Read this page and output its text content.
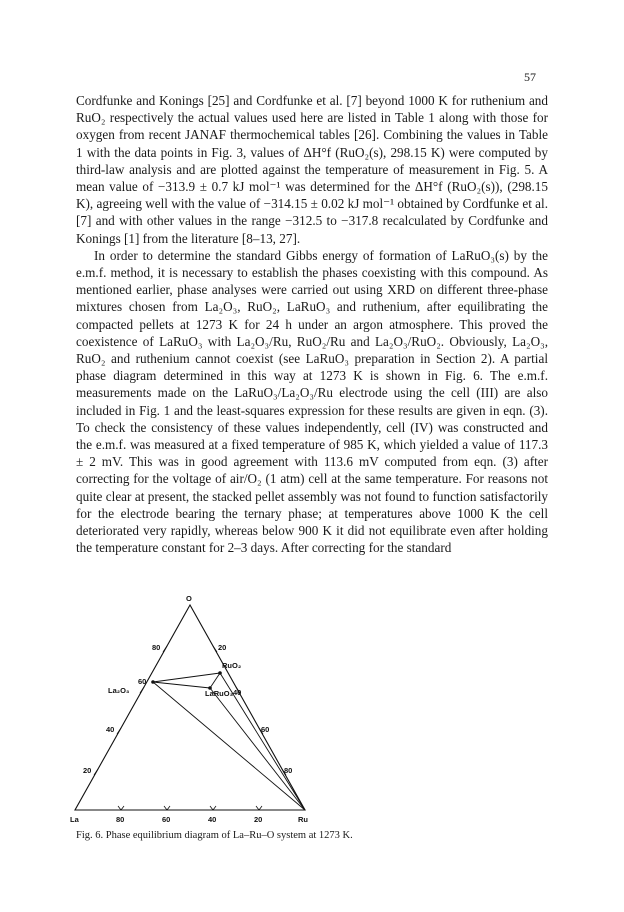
57

Cordfunke and Konings [25] and Cordfunke et al. [7] beyond 1000 K for ruthenium and RuO₂ respectively the actual values used here are listed in Table 1 along with those for oxygen from recent JANAF thermochemical tables [26]. Combining the values in Table 1 with the data points in Fig. 3, values of ΔH°f (RuO₂(s), 298.15 K) were computed by third-law analysis and are plotted against the temperature of measurement in Fig. 5. A mean value of −313.9 ± 0.7 kJ mol⁻¹ was determined for the ΔH°f (RuO₂(s)), (298.15 K), agreeing well with the value of −314.15 ± 0.02 kJ mol⁻¹ obtained by Cordfunke et al. [7] and with other values in the range −312.5 to −317.8 recalculated by Cordfunke and Konings [1] from the literature [8–13, 27].

In order to determine the standard Gibbs energy of formation of LaRuO₃(s) by the e.m.f. method, it is necessary to establish the phases coexisting with this compound. As mentioned earlier, phase analyses were carried out using XRD on different three-phase mixtures chosen from La₂O₃, RuO₂, LaRuO₃ and ruthenium, after equilibrating the compacted pellets at 1273 K for 24 h under an argon atmosphere. This proved the coexistence of LaRuO₃ with La₂O₃/Ru, RuO₂/Ru and La₂O₃/RuO₂. Obviously, La₂O₃, RuO₂ and ruthenium cannot coexist (see LaRuO₃ preparation in Section 2). A partial phase diagram determined in this way at 1273 K is shown in Fig. 6. The e.m.f. measurements made on the LaRuO₃/La₂O₃/Ru electrode using the cell (III) are also included in Fig. 1 and the least-squares expression for these results are given in eqn. (3). To check the consistency of these values independently, cell (IV) was constructed and the e.m.f. was measured at a fixed temperature of 985 K, which yielded a value of 117.3 ± 2 mV. This was in good agreement with 113.6 mV computed from eqn. (3) after correcting for the voltage of air/O₂ (1 atm) cell at the same temperature. For reasons not quite clear at present, the stacked pellet assembly was not found to function satisfactorily for the electrode bearing the ternary phase; at temperatures above 1000 K the cell deteriorated very rapidly, whereas below 900 K it did not equilibrate even after holding the temperature constant for 2–3 days. After correcting for the standard

O
La	Ru
80
60
40
20
20
40
60
80
80	60	40	20
La₂O₃
RuO₂
LaRuO₃
Fig. 6. Phase equilibrium diagram of La–Ru–O system at 1273 K.
